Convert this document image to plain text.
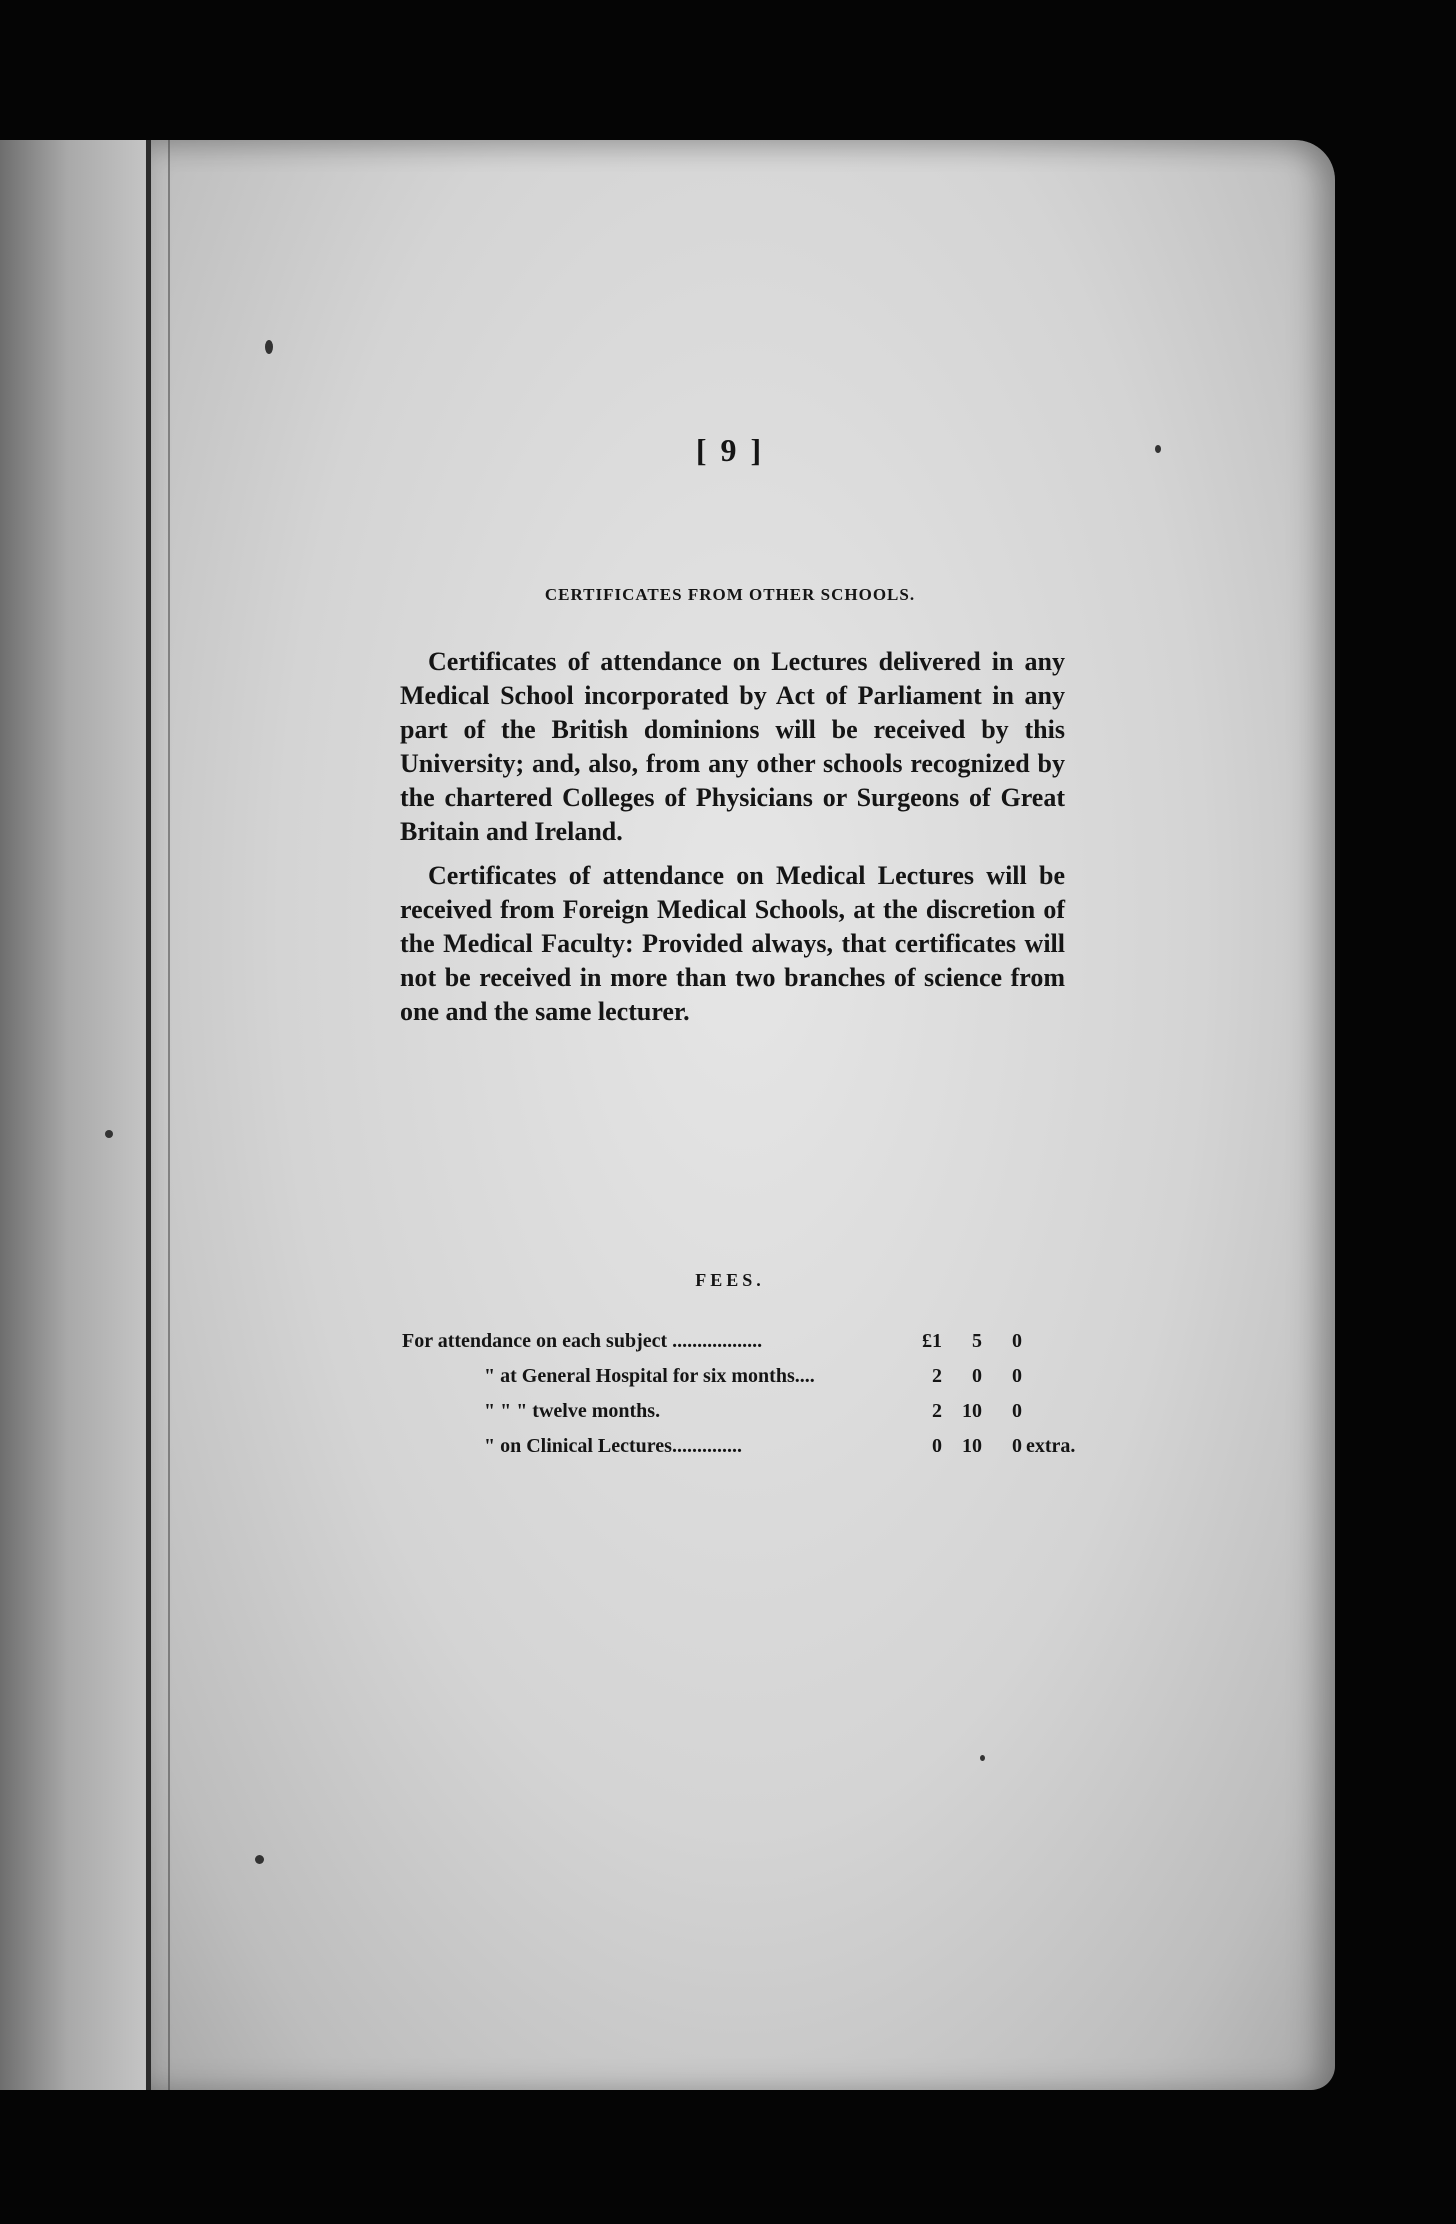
[ 9 ]
CERTIFICATES FROM OTHER SCHOOLS.

Certificates of attendance on Lectures delivered in any Medical School incorporated by Act of Parliament in any part of the British dominions will be received by this University; and, also, from any other schools recognized by the chartered Colleges of Physicians or Surgeons of Great Britain and Ireland.

Certificates of attendance on Medical Lectures will be received from Foreign Medical Schools, at the discretion of the Medical Faculty: Provided always, that certificates will not be received in more than two branches of science from one and the same lecturer.

FEES.
For attendance on each subject ..................	£1	5	0
" at General Hospital for six months....	2	0	0
" " " twelve months.	2	10	0
" on Clinical Lectures..............	0	10	0 extra.
